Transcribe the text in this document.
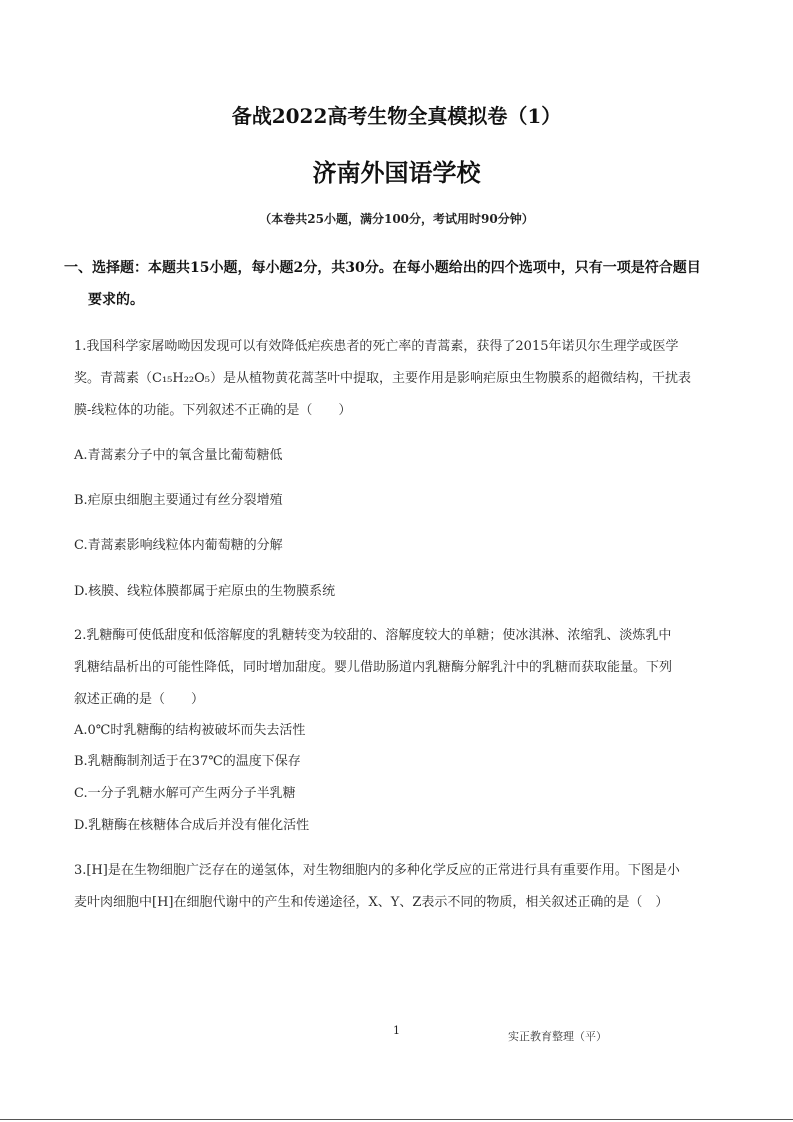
备战2022高考生物全真模拟卷（1）
济南外国语学校
（本卷共25小题，满分100分，考试用时90分钟）
一、选择题：本题共15小题，每小题2分，共30分。在每小题给出的四个选项中，只有一项是符合题目
要求的。
1.我国科学家屠呦呦因发现可以有效降低疟疾患者的死亡率的青蒿素，获得了2015年诺贝尔生理学或医学
奖。青蒿素（C₁₅H₂₂O₅）是从植物黄花蒿茎叶中提取，主要作用是影响疟原虫生物膜系的超微结构，干扰表
膜-线粒体的功能。下列叙述不正确的是（　　）
A.青蒿素分子中的氧含量比葡萄糖低
B.疟原虫细胞主要通过有丝分裂增殖
C.青蒿素影响线粒体内葡萄糖的分解
D.核膜、线粒体膜都属于疟原虫的生物膜系统
2.乳糖酶可使低甜度和低溶解度的乳糖转变为较甜的、溶解度较大的单糖；使冰淇淋、浓缩乳、淡炼乳中
乳糖结晶析出的可能性降低，同时增加甜度。婴儿借助肠道内乳糖酶分解乳汁中的乳糖而获取能量。下列
叙述正确的是（　　）
A.0℃时乳糖酶的结构被破坏而失去活性
B.乳糖酶制剂适于在37℃的温度下保存
C.一分子乳糖水解可产生两分子半乳糖
D.乳糖酶在核糖体合成后并没有催化活性
3.[H]是在生物细胞广泛存在的递氢体，对生物细胞内的多种化学反应的正常进行具有重要作用。下图是小
麦叶肉细胞中[H]在细胞代谢中的产生和传递途径，X、Y、Z表示不同的物质，相关叙述正确的是（　）
1	实正教育整理（平）
